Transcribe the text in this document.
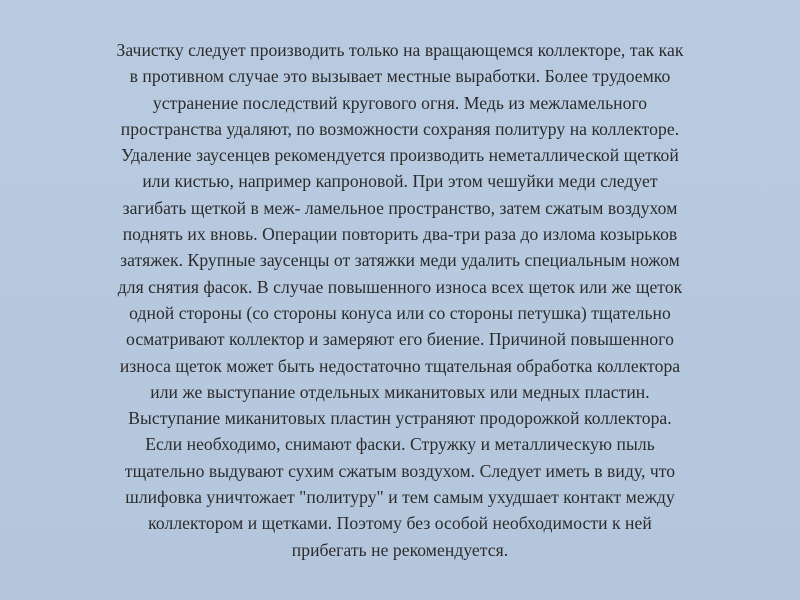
Зачистку следует производить только на вращающемся коллекторе, так как
в противном случае это вызывает местные выработки. Более трудоемко
устранение последствий кругового огня. Медь из межламельного
пространства удаляют, по возможности сохраняя политуру на коллекторе.
Удаление заусенцев рекомендуется производить неметаллической щеткой
или кистью, например капроновой. При этом чешуйки меди следует
загибать щеткой в меж- ламельное пространство, затем сжатым воздухом
поднять их вновь. Операции повторить два-три раза до излома козырьков
затяжек. Крупные заусенцы от затяжки меди удалить специальным ножом
для снятия фасок. В случае повышенного износа всех щеток или же щеток
одной стороны (со стороны конуса или со стороны петушка) тщательно
осматривают коллектор и замеряют его биение. Причиной повышенного
износа щеток может быть недостаточно тщательная обработка коллектора
или же выступание отдельных миканитовых или медных пластин.
Выступание миканитовых пластин устраняют продорожкой коллектора.
Если необходимо, снимают фаски. Стружку и металлическую пыль
тщательно выдувают сухим сжатым воздухом. Следует иметь в виду, что
шлифовка уничтожает "политуру" и тем самым ухудшает контакт между
коллектором и щетками. Поэтому без особой необходимости к ней
прибегать не рекомендуется.
